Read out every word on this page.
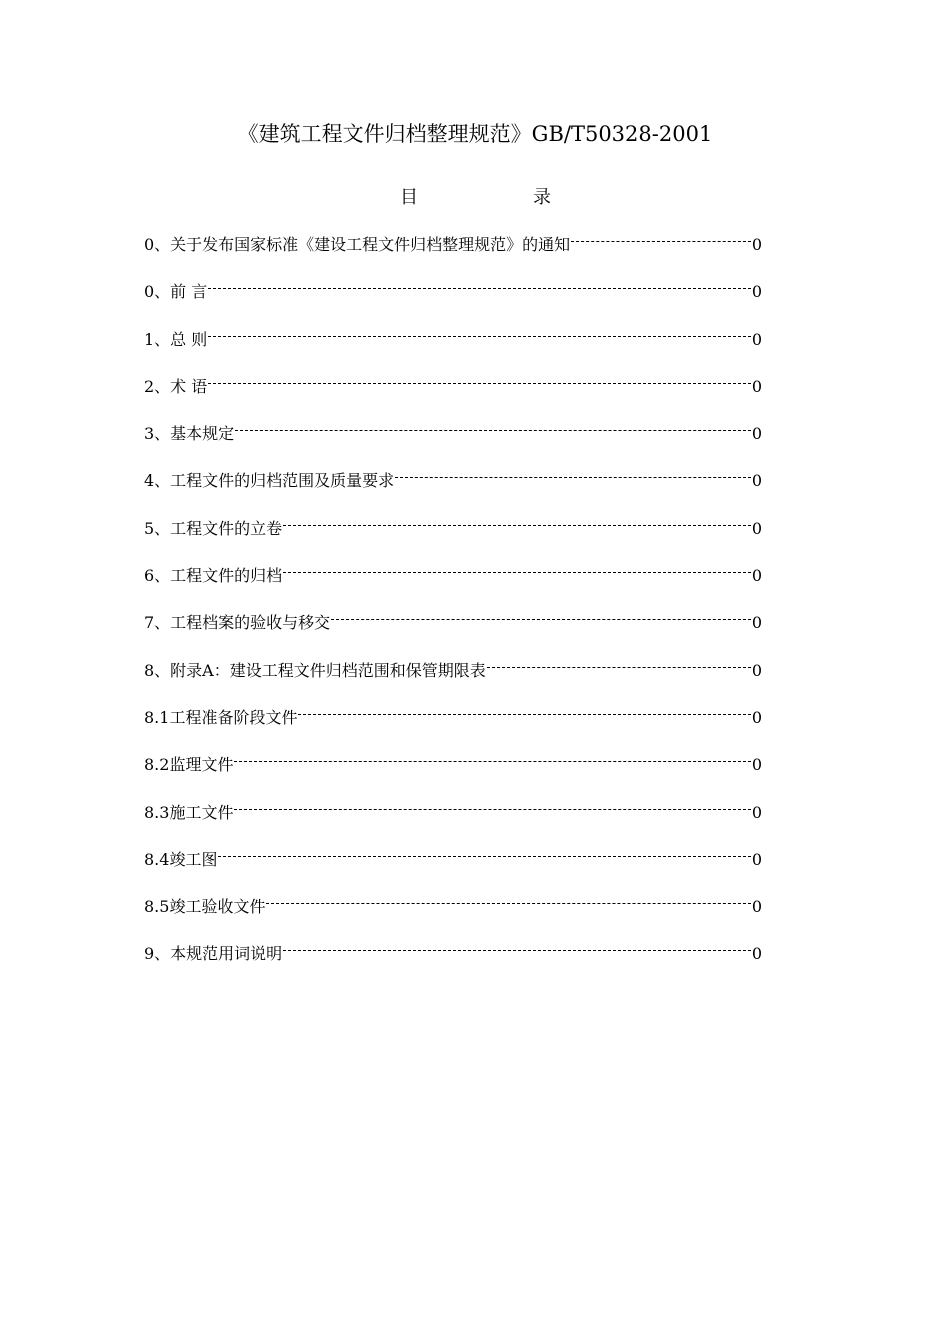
《建筑工程文件归档整理规范》GB/T50328-2001
目	录
0、关于发布国家标准《建设工程文件归档整理规范》的通知	0
0、前 言	0
1、总 则	0
2、术 语	0
3、基本规定	0
4、工程文件的归档范围及质量要求	0
5、工程文件的立卷	0
6、工程文件的归档	0
7、工程档案的验收与移交	0
8、附录A：建设工程文件归档范围和保管期限表	0
8.1工程准备阶段文件	0
8.2监理文件	0
8.3施工文件	0
8.4竣工图	0
8.5竣工验收文件	0
9、本规范用词说明	0
